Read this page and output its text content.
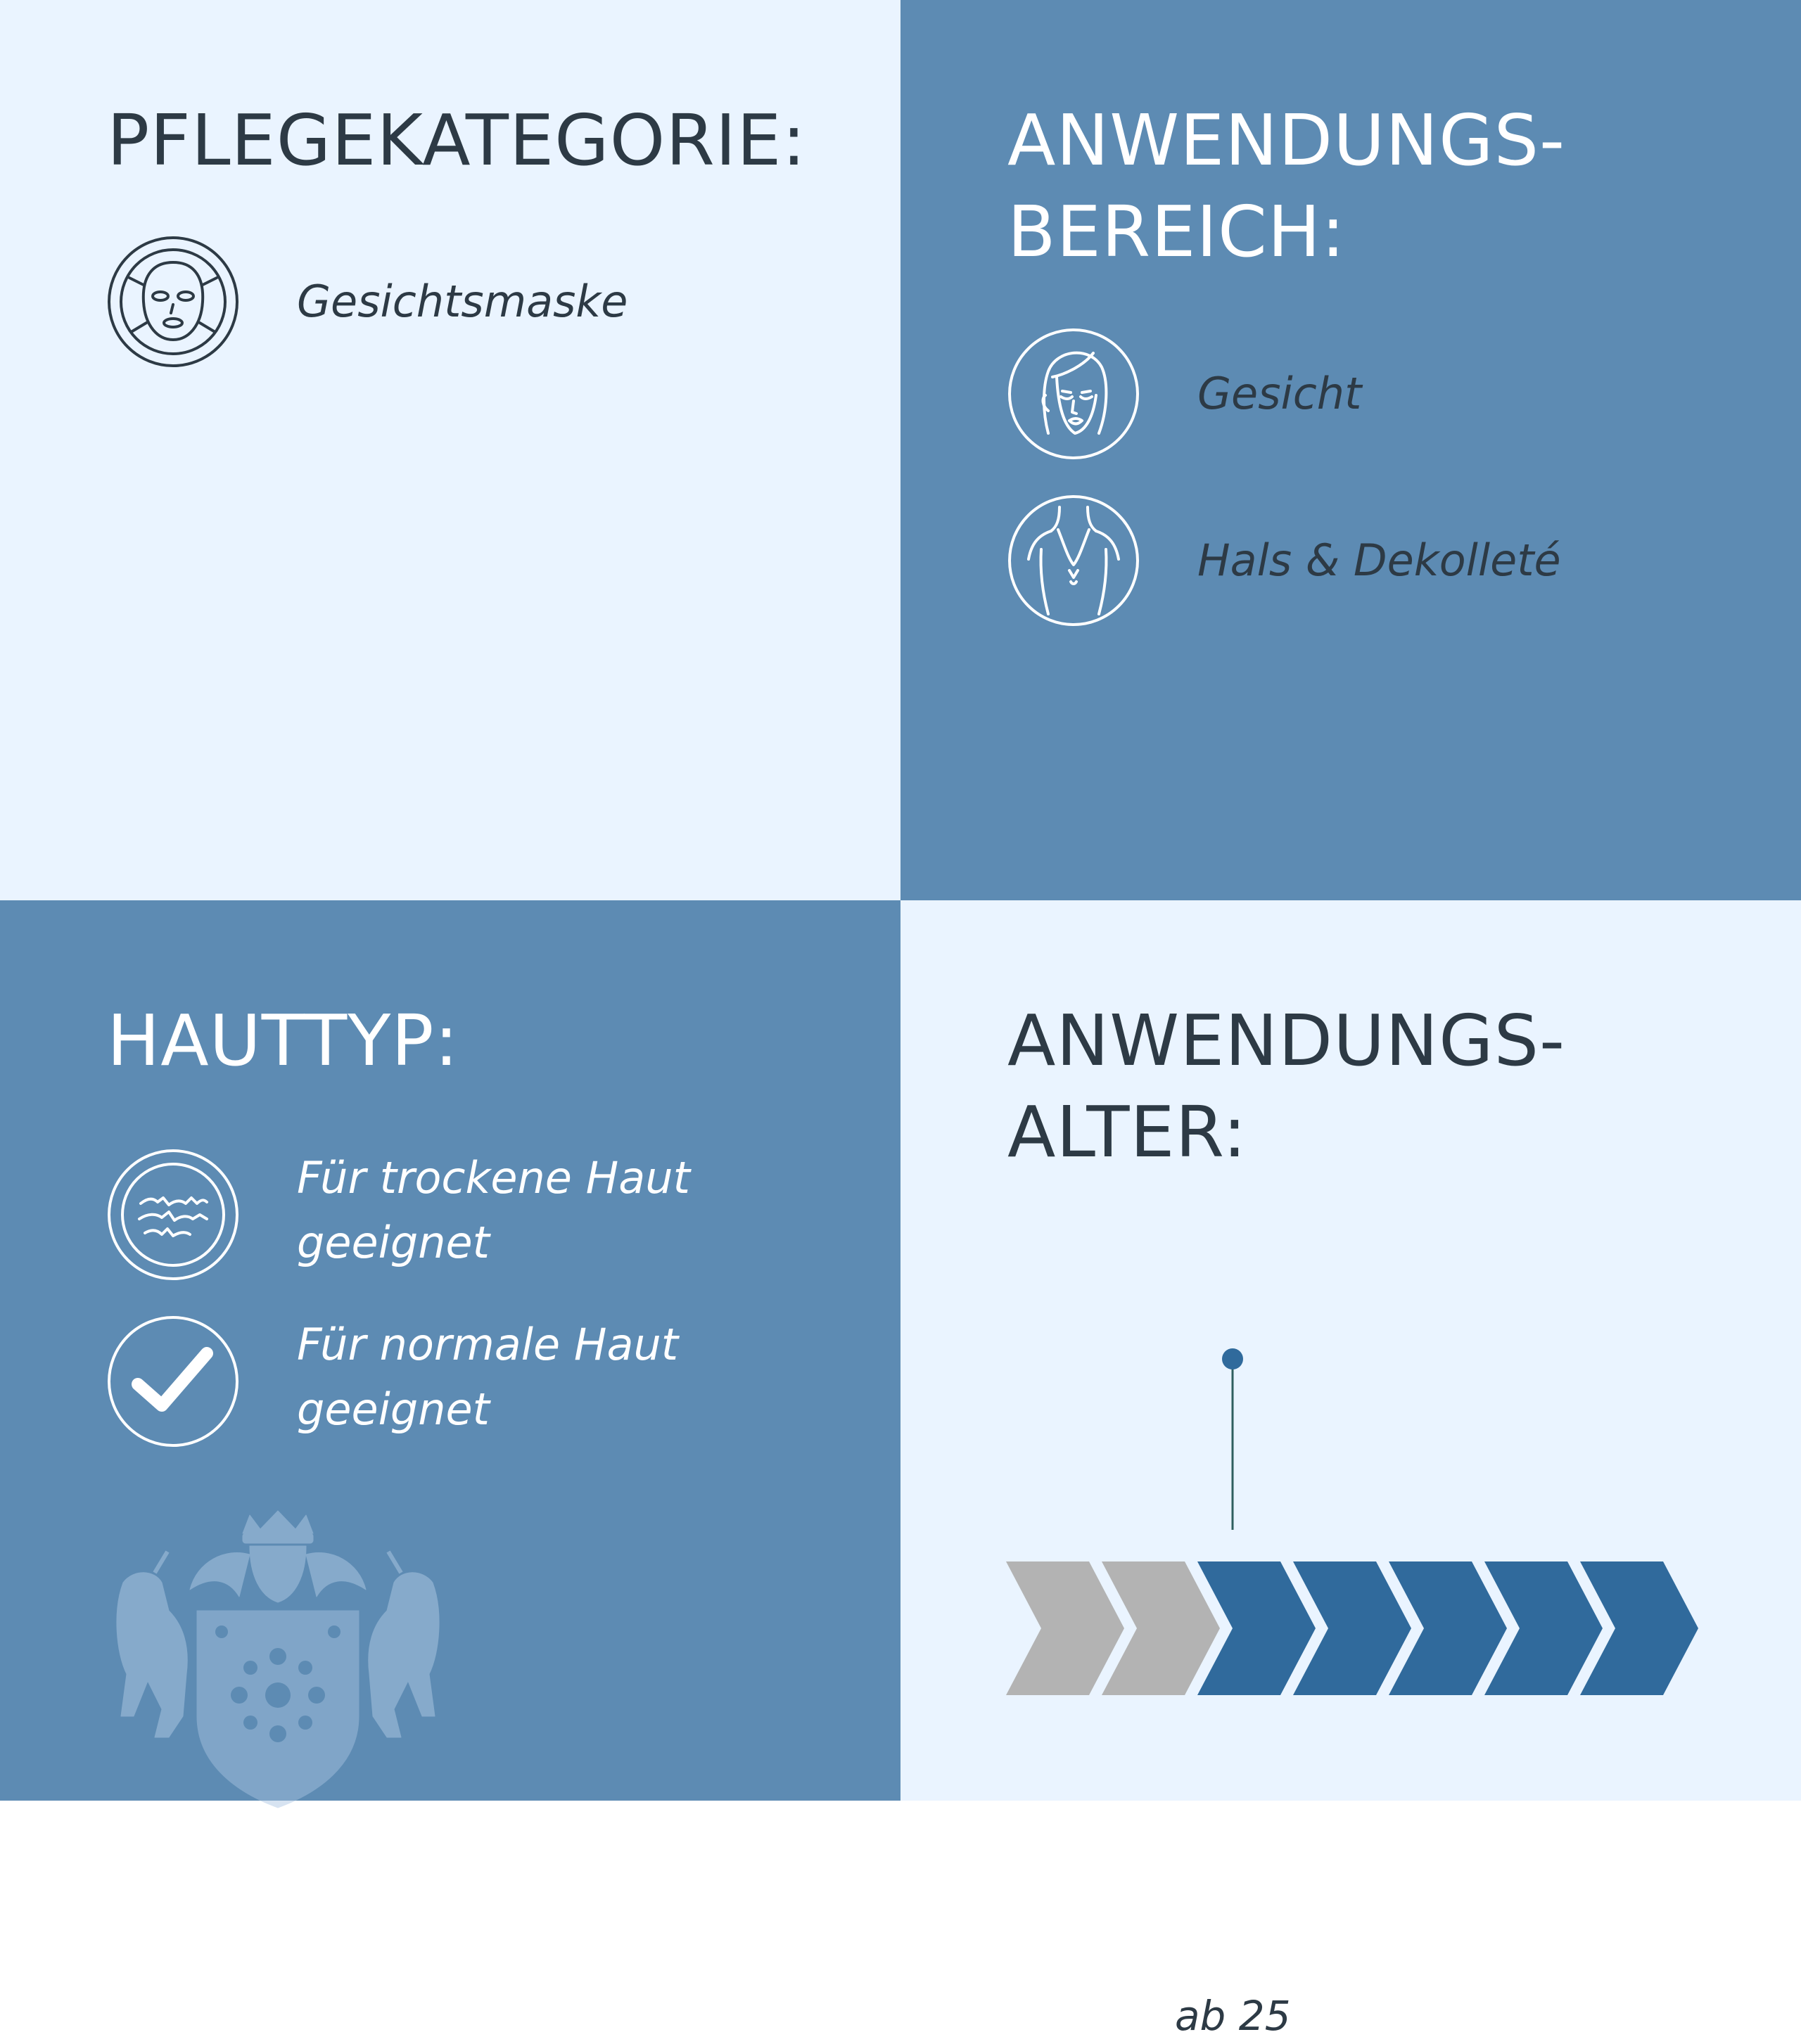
PFLEGEKATEGORIE:

Gesichtsmaske

ANWENDUNGS-
BEREICH:

Gesicht

Hals & Dekolleté

HAUTTYP:

Für trockene Haut
geeignet

Für normale Haut
geeignet

ANWENDUNGS-
ALTER:

ab 25
